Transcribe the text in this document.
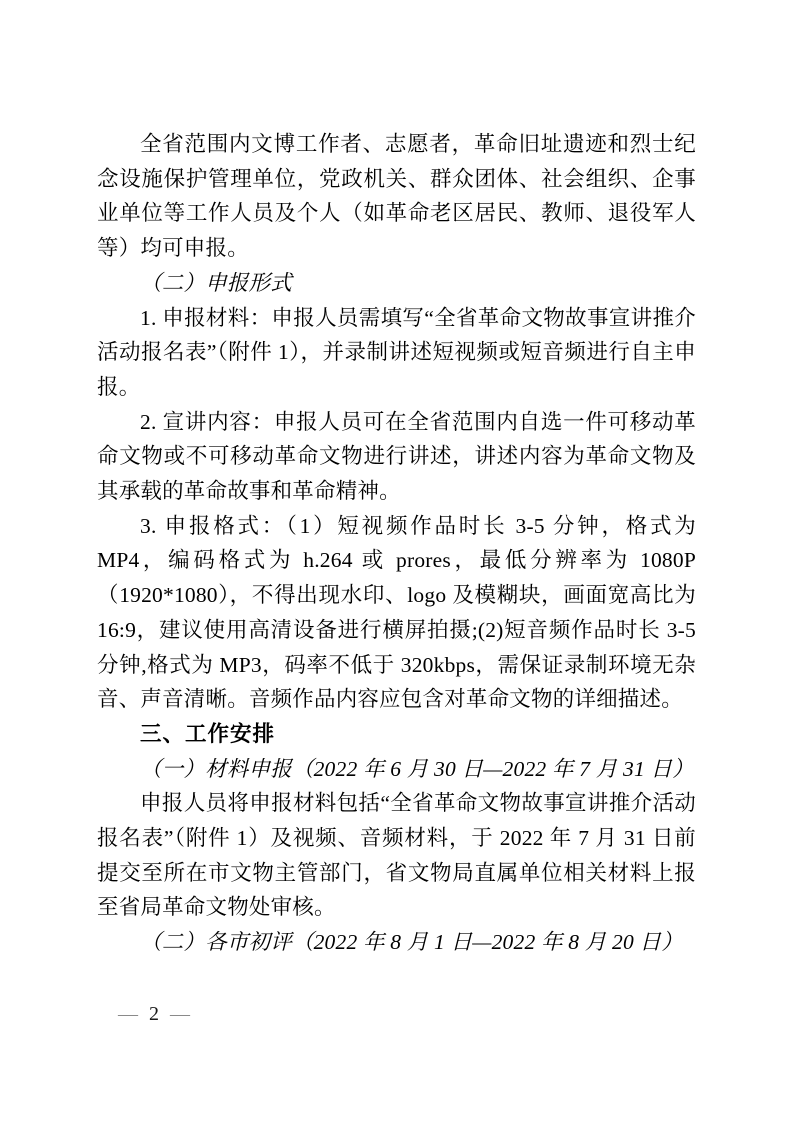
全省范围内文博工作者、志愿者，革命旧址遗迹和烈士纪念设施保护管理单位，党政机关、群众团体、社会组织、企事业单位等工作人员及个人（如革命老区居民、教师、退役军人等）均可申报。

（二）申报形式

1. 申报材料：申报人员需填写“全省革命文物故事宣讲推介活动报名表”（附件 1），并录制讲述短视频或短音频进行自主申报。

2. 宣讲内容：申报人员可在全省范围内自选一件可移动革命文物或不可移动革命文物进行讲述，讲述内容为革命文物及其承载的革命故事和革命精神。

3. 申报格式：（1）短视频作品时长 3-5 分钟，格式为 MP4，编码格式为 h.264 或 prores，最低分辨率为 1080P（1920*1080），不得出现水印、logo 及模糊块，画面宽高比为 16:9，建议使用高清设备进行横屏拍摄;(2)短音频作品时长 3-5 分钟,格式为 MP3，码率不低于 320kbps，需保证录制环境无杂音、声音清晰。音频作品内容应包含对革命文物的详细描述。

三、工作安排

（一）材料申报（2022 年 6 月 30 日—2022 年 7 月 31 日）

申报人员将申报材料包括“全省革命文物故事宣讲推介活动报名表”（附件 1）及视频、音频材料，于 2022 年 7 月 31 日前提交至所在市文物主管部门，省文物局直属单位相关材料上报至省局革命文物处审核。

（二）各市初评（2022 年 8 月 1 日—2022 年 8 月 20 日）

— 2 —
